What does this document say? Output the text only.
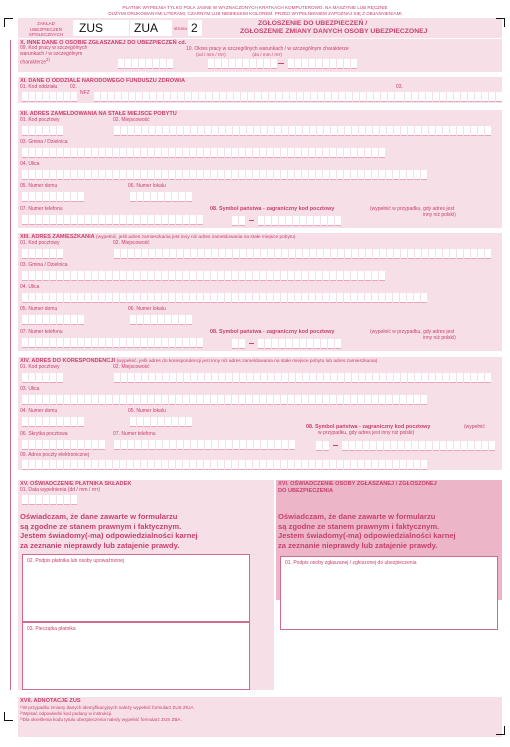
PŁATNIK WYPEŁNIA TYLKO POLA JASNE W WYZNACZONYCH KRATKACH KOMPUTEROWO, NA MASZYNIE LUB RĘCZNIE
DUŻYMI DRUKOWANYMI LITERAMI, CZARNYM LUB NIEBIESKIM KOLOREM. PRZED WYPEŁNIENIEM ZAPOZNAJ SIĘ Z OBJAŚNIENIAMI
ZAKŁAD UBEZPIECZEŃ SPOŁECZNYCH	ZUS	ZUA	strona 2	ZGŁOSZENIE DO UBEZPIECZEŃ /
ZGŁOSZENIE ZMIANY DANYCH OSOBY UBEZPIECZONEJ
X. INNE DANE O OSOBIE ZGŁASZANEJ DO UBEZPIECZEŃ cd.
09. Kod pracy w szczególnych warunkach / w szczególnym charakterze$^{2)}$
10. Okres pracy w szczególnych warunkach / w szczególnym charakterze
(od / mm / rrrr)                     (do / mm / rrrr)
XI. DANE O ODDZIALE NARODOWEGO FUNDUSZU ZDROWIA
01. Kod oddziału	02.
NFZ
03.
XII. ADRES ZAMELDOWANIA NA STAŁE MIEJSCE POBYTU
01. Kod pocztowy	02. Miejscowość
03. Gmina / Dzielnica
04. Ulica
05. Numer domu	06. Numer lokalu
07. Numer telefonu	08. Symbol państwa - zagraniczny kod pocztowy	(wypełnić w przypadku, gdy adres jest
inny niż polski)
XIII. ADRES ZAMIESZKANIA (wypełnić, jeśli adres zamieszkania jest inny niż adres zameldowania na stałe miejsce pobytu)
01. Kod pocztowy	02. Miejscowość
03. Gmina / Dzielnica
04. Ulica
05. Numer domu	06. Numer lokalu
07. Numer telefonu	08. Symbol państwa - zagraniczny kod pocztowy	(wypełnić w przypadku, gdy adres jest
inny niż polski)
XIV. ADRES DO KORESPONDENCJI (wypełnić, jeśli adres do korespondencji jest inny niż adres zameldowania na stałe miejsce pobytu lub adres zamieszkania)
01. Kod pocztowy	02. Miejscowość
03. Ulica
04. Numer domu	05. Numer lokalu
06. Skrytka pocztowa	07. Numer telefonu
08. Symbol państwa - zagraniczny kod pocztowy	(wypełnić
w przypadku, gdy adres jest inny niż polski)
09. Adres poczty elektronicznej
XV. OŚWIADCZENIE PŁATNIKA SKŁADEK
01. Data wypełnienia (dd / mm / rrrr)
Oświadczam, że dane zawarte w formularzu
są zgodne ze stanem prawnym i faktycznym.
Jestem świadomy(-ma) odpowiedzialności karnej
za zeznanie nieprawdy lub zatajenie prawdy.
02. Podpis płatnika lub osoby upoważnionej
03. Pieczątka płatnika
XVI. OŚWIADCZENIE OSOBY ZGŁASZANEJ / ZGŁOSZONEJ
DO UBEZPIECZENIA
Oświadczam, że dane zawarte w formularzu
są zgodne ze stanem prawnym i faktycznym.
Jestem świadomy(-ma) odpowiedzialności karnej
za zeznanie nieprawdy lub zatajenie prawdy.
01. Podpis osoby zgłaszanej / zgłoszonej do ubezpieczenia
XVII. ADNOTACJE ZUS
¹⁾W przypadku zmiany danych identyfikacyjnych należy wypełnić formularz ZUS ZIUA.
²⁾Wpisać odpowiedni kod podany w instrukcji.
³⁾Dla określenia kodu tytułu ubezpieczenia należy wypełnić formularz ZUS ZBA.
